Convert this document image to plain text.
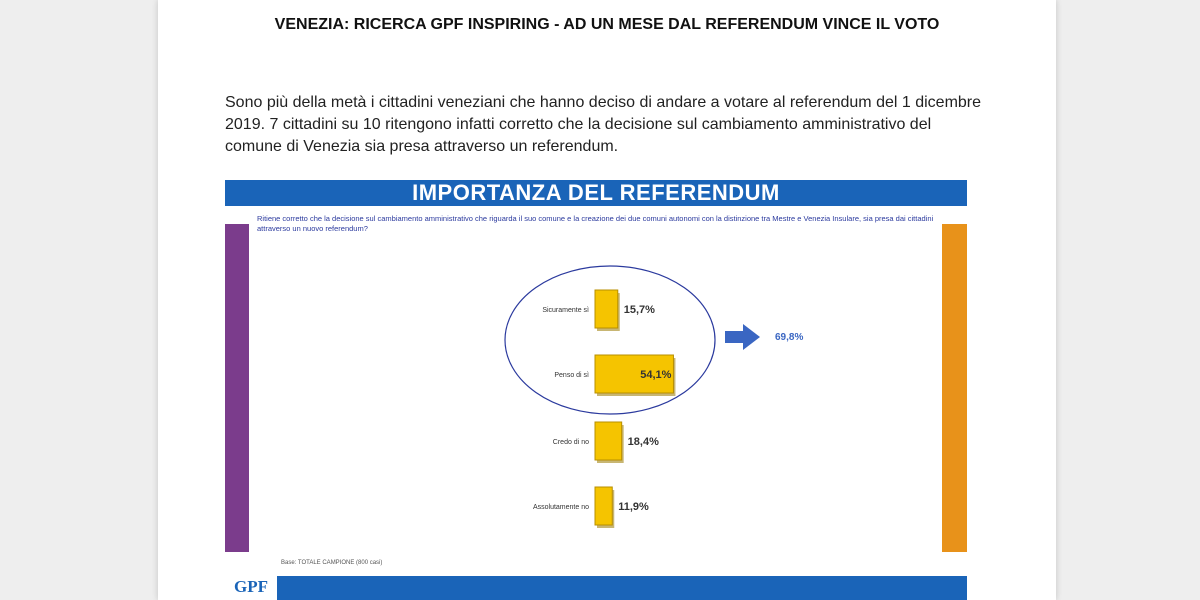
VENEZIA: RICERCA GPF INSPIRING - AD UN MESE DAL REFERENDUM VINCE IL VOTO
Sono più della metà i cittadini veneziani che hanno deciso di andare a votare al referendum del 1 dicembre 2019. 7 cittadini su 10 ritengono infatti corretto che la decisione sul cambiamento amministrativo del comune di Venezia sia presa attraverso un referendum.
IMPORTANZA DEL REFERENDUM
Ritiene corretto che la decisione sul cambiamento amministrativo che riguarda il suo comune e la creazione dei due comuni autonomi con la distinzione tra Mestre e Venezia Insulare, sia presa dai cittadini attraverso un nuovo referendum?
Sicuramente sì	15,7%
Penso di sì	54,1%
Credo di no	18,4%
Assolutamente no	11,9%
69,8%
Base: TOTALE CAMPIONE (800 casi)
GPF
